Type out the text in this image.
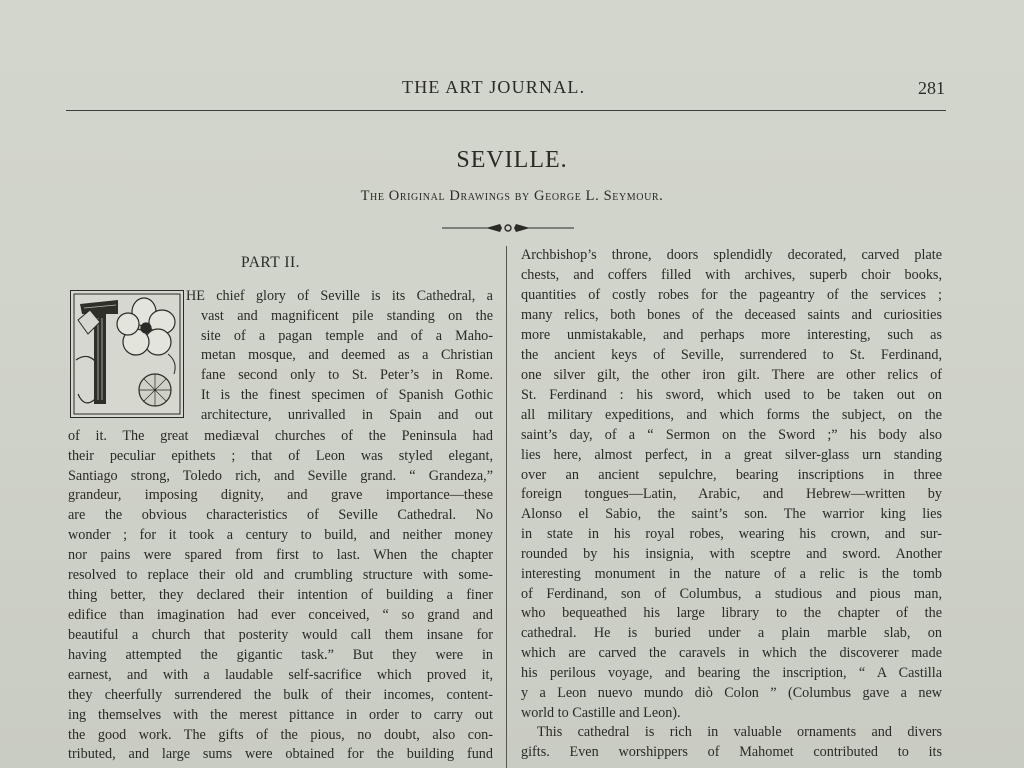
THE ART JOURNAL.	281
SEVILLE.
The Original Drawings by George L. Seymour.
PART II.
HE chief glory of Seville is its Cathedral, a
vast and magnificent pile standing on the
site of a pagan temple and of a Maho-
metan mosque, and deemed as a Christian
fane second only to St. Peter’s in Rome.
It is the finest specimen of Spanish Gothic
architecture, unrivalled in Spain and out
of it. The great mediæval churches of the Peninsula had
their peculiar epithets ; that of Leon was styled elegant,
Santiago strong, Toledo rich, and Seville grand. “ Grandeza,”
grandeur, imposing dignity, and grave importance—these
are the obvious characteristics of Seville Cathedral. No
wonder ; for it took a century to build, and neither money
nor pains were spared from first to last. When the chapter
resolved to replace their old and crumbling structure with some-
thing better, they declared their intention of building a finer
edifice than imagination had ever conceived, “ so grand and
beautiful a church that posterity would call them insane for
having attempted the gigantic task.” But they were in
earnest, and with a laudable self-sacrifice which proved it,
they cheerfully surrendered the bulk of their incomes, content-
ing themselves with the merest pittance in order to carry out
the good work. The gifts of the pious, no doubt, also con-
tributed, and large sums were obtained for the building fund
Archbishop’s throne, doors splendidly decorated, carved plate
chests, and coffers filled with archives, superb choir books,
quantities of costly robes for the pageantry of the services ;
many relics, both bones of the deceased saints and curiosities
more unmistakable, and perhaps more interesting, such as
the ancient keys of Seville, surrendered to St. Ferdinand,
one silver gilt, the other iron gilt. There are other relics of
St. Ferdinand : his sword, which used to be taken out on
all military expeditions, and which forms the subject, on the
saint’s day, of a “ Sermon on the Sword ;” his body also
lies here, almost perfect, in a great silver-glass urn standing
over an ancient sepulchre, bearing inscriptions in three
foreign tongues—Latin, Arabic, and Hebrew—written by
Alonso el Sabio, the saint’s son. The warrior king lies
in state in his royal robes, wearing his crown, and sur-
rounded by his insignia, with sceptre and sword. Another
interesting monument in the nature of a relic is the tomb
of Ferdinand, son of Columbus, a studious and pious man,
who bequeathed his large library to the chapter of the
cathedral. He is buried under a plain marble slab, on
which are carved the caravels in which the discoverer made
his perilous voyage, and bearing the inscription, “ A Castilla
y a Leon nuevo mundo diò Colon ” (Columbus gave a new
world to Castille and Leon).
This cathedral is rich in valuable ornaments and divers
gifts. Even worshippers of Mahomet contributed to its
